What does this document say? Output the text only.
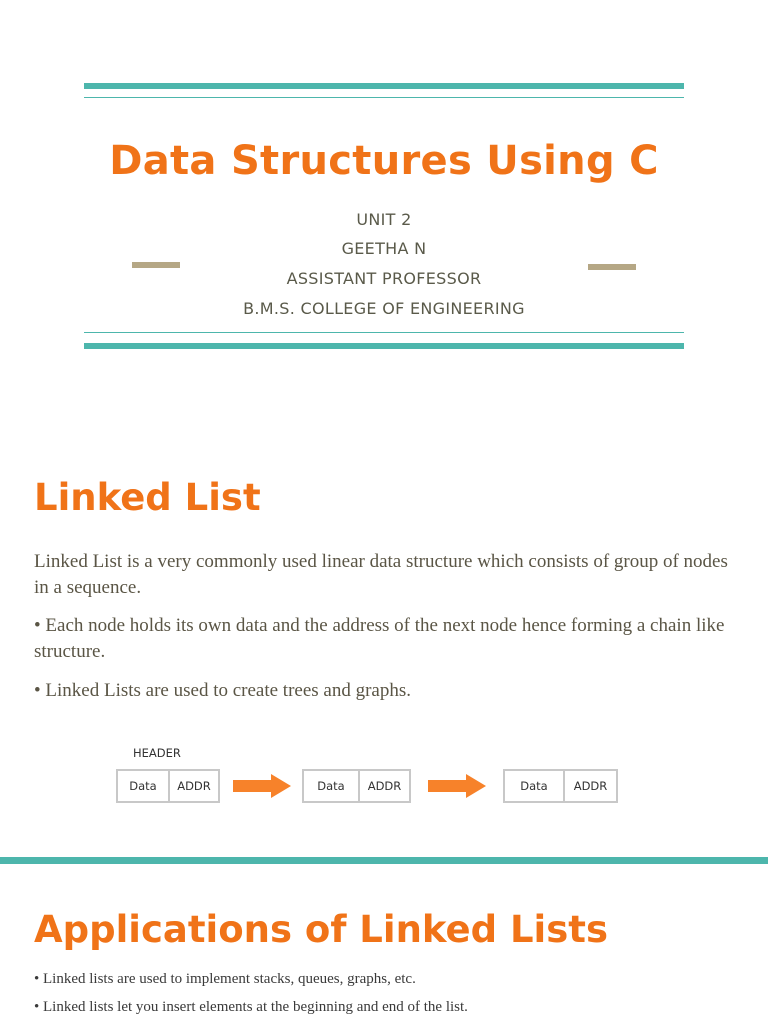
Data Structures Using C
UNIT 2
GEETHA N
ASSISTANT PROFESSOR
B.M.S. COLLEGE OF ENGINEERING
Linked List
Linked List is a very commonly used linear data structure which consists of group of nodes in a sequence.
• Each node holds its own data and the address of the next node hence forming a chain like structure.
• Linked Lists are used to create trees and graphs.
HEADER
Data	ADDR	Data	ADDR	Data	ADDR
Applications of Linked Lists
• Linked lists are used to implement stacks, queues, graphs, etc.
• Linked lists let you insert elements at the beginning and end of the list.
